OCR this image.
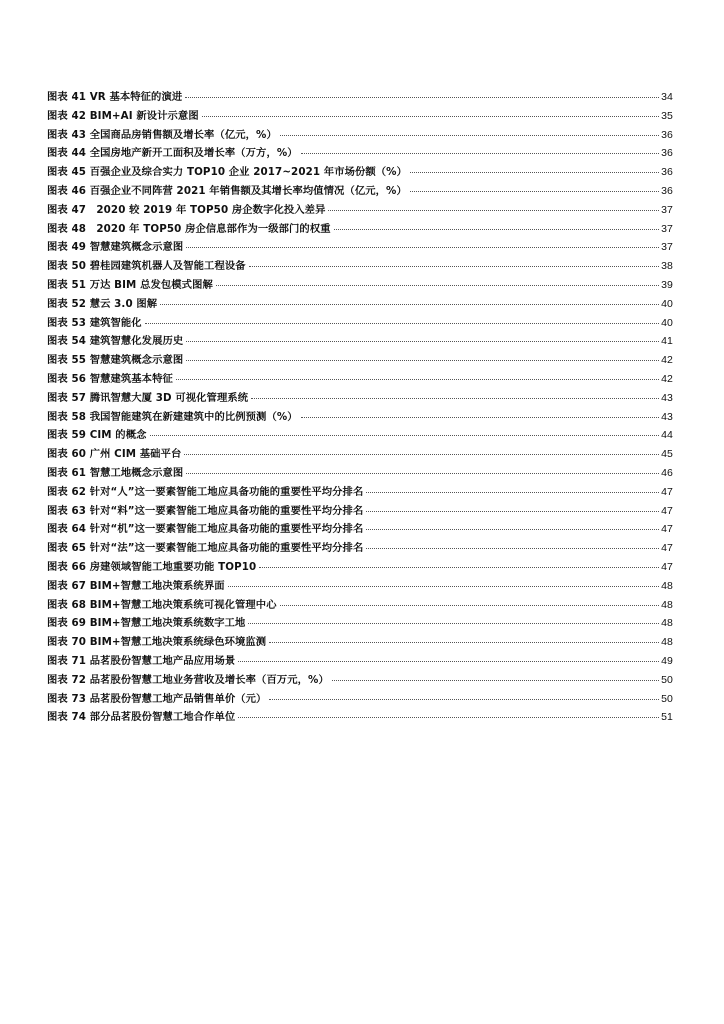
图表 41 VR 基本特征的演进	34
图表 42 BIM+AI 新设计示意图	35
图表 43 全国商品房销售额及增长率（亿元，%）	36
图表 44 全国房地产新开工面积及增长率（万方，%）	36
图表 45 百强企业及综合实力 TOP10 企业 2017~2021 年市场份额（%）	36
图表 46 百强企业不同阵营 2021 年销售额及其增长率均值情况（亿元，%）	36
图表 47　2020 较 2019 年 TOP50 房企数字化投入差异	37
图表 48　2020 年 TOP50 房企信息部作为一级部门的权重	37
图表 49 智慧建筑概念示意图	37
图表 50 碧桂园建筑机器人及智能工程设备	38
图表 51 万达 BIM 总发包模式图解	39
图表 52 慧云 3.0 图解	40
图表 53 建筑智能化	40
图表 54 建筑智慧化发展历史	41
图表 55 智慧建筑概念示意图	42
图表 56 智慧建筑基本特征	42
图表 57 腾讯智慧大厦 3D 可视化管理系统	43
图表 58 我国智能建筑在新建建筑中的比例预测（%）	43
图表 59 CIM 的概念	44
图表 60 广州 CIM 基础平台	45
图表 61 智慧工地概念示意图	46
图表 62 针对“人”这一要素智能工地应具备功能的重要性平均分排名	47
图表 63 针对“料”这一要素智能工地应具备功能的重要性平均分排名	47
图表 64 针对“机”这一要素智能工地应具备功能的重要性平均分排名	47
图表 65 针对“法”这一要素智能工地应具备功能的重要性平均分排名	47
图表 66 房建领域智能工地重要功能 TOP10	47
图表 67 BIM+智慧工地决策系统界面	48
图表 68 BIM+智慧工地决策系统可视化管理中心	48
图表 69 BIM+智慧工地决策系统数字工地	48
图表 70 BIM+智慧工地决策系统绿色环境监测	48
图表 71 品茗股份智慧工地产品应用场景	49
图表 72 品茗股份智慧工地业务营收及增长率（百万元，%）	50
图表 73 品茗股份智慧工地产品销售单价（元）	50
图表 74 部分品茗股份智慧工地合作单位	51
